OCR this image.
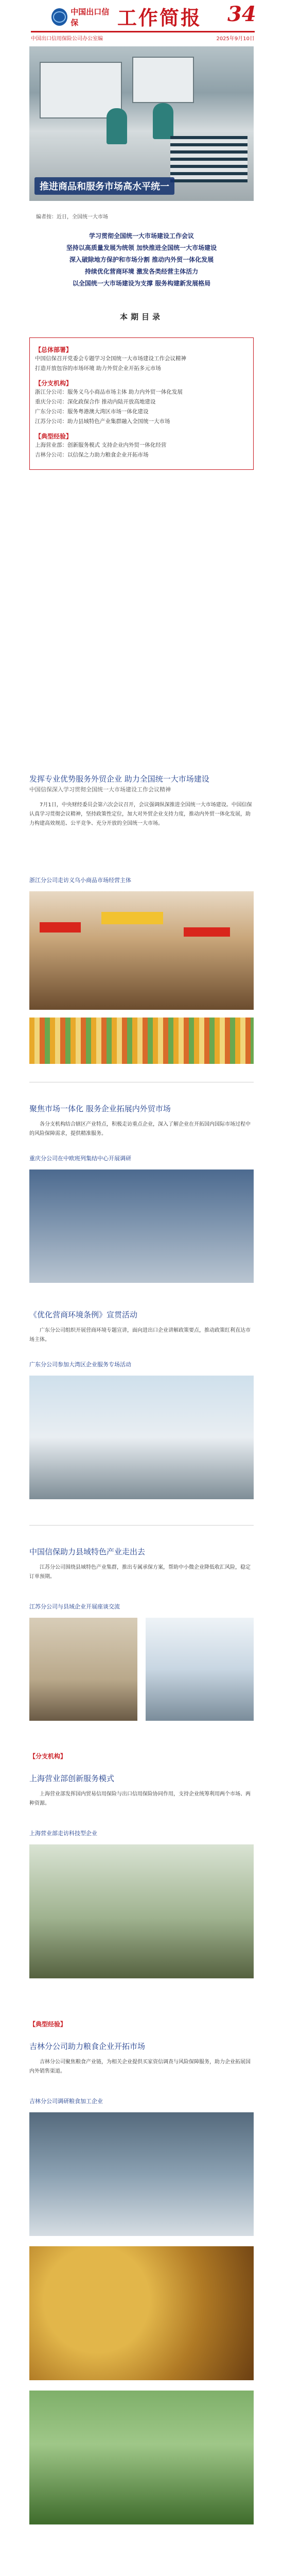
中国出口信保	工作简报 34
中国出口信用保险公司办公室编	2025年9月10日
推进商品和服务市场高水平统一
编者按：近日，全国统一大市场

学习贯彻全国统一大市场建设工作会议

坚持以高质量发展为统领 加快推进全国统一大市场建设

深入破除地方保护和市场分割 推动内外贸一体化发展

持续优化营商环境 激发各类经营主体活力

以全国统一大市场建设为支撑 服务构建新发展格局

本期目录
【总体部署】
中国信保召开党委会专题学习全国统一大市场建设工作会议精神
打造开放包容的市场环境 助力外贸企业开拓多元市场
【分支机构】
浙江分公司：服务义乌小商品市场主体 助力内外贸一体化发展
重庆分公司：深化政保合作 推动内陆开放高地建设
广东分公司：服务粤港澳大湾区市场一体化建设
江苏分公司：助力县域特色产业集群融入全国统一大市场
【典型经验】
上海营业部：创新服务模式 支持企业内外贸一体化经营
吉林分公司：以信保之力助力粮食企业开拓市场
发挥专业优势服务外贸企业 助力全国统一大市场建设
中国信保深入学习贯彻全国统一大市场建设工作会议精神

7月1日，中央财经委员会第六次会议召开，会议强调纵深推进全国统一大市场建设。中国信保认真学习贯彻会议精神，坚持政策性定位，加大对外贸企业支持力度，推动内外贸一体化发展，助力构建高效规范、公平竞争、充分开放的全国统一大市场。

浙江分公司走访义乌小商品市场经营主体
聚焦市场一体化 服务企业拓展内外贸市场

各分支机构结合辖区产业特点，积极走访重点企业，深入了解企业在开拓国内国际市场过程中的风险保障需求，提供精准服务。

重庆分公司在中欧班列集结中心开展调研
《优化营商环境条例》宣贯活动

广东分公司组织开展营商环境专题宣讲，面向进出口企业讲解政策要点，推动政策红利直达市场主体。

广东分公司参加大湾区企业服务专场活动
中国信保助力县域特色产业走出去

江苏分公司围绕县域特色产业集群，推出专属承保方案，帮助中小微企业降低收汇风险，稳定订单预期。

江苏分公司与县域企业开展座谈交流
【分支机构】
上海营业部创新服务模式

上海营业部发挥国内贸易信用保险与出口信用保险协同作用，支持企业统筹利用两个市场、两种资源。

上海营业部走访科技型企业
【典型经验】
吉林分公司助力粮食企业开拓市场

吉林分公司聚焦粮食产业链，为相关企业提供买家资信调查与风险保障服务，助力企业拓展国内外销售渠道。

吉林分公司调研粮食加工企业
